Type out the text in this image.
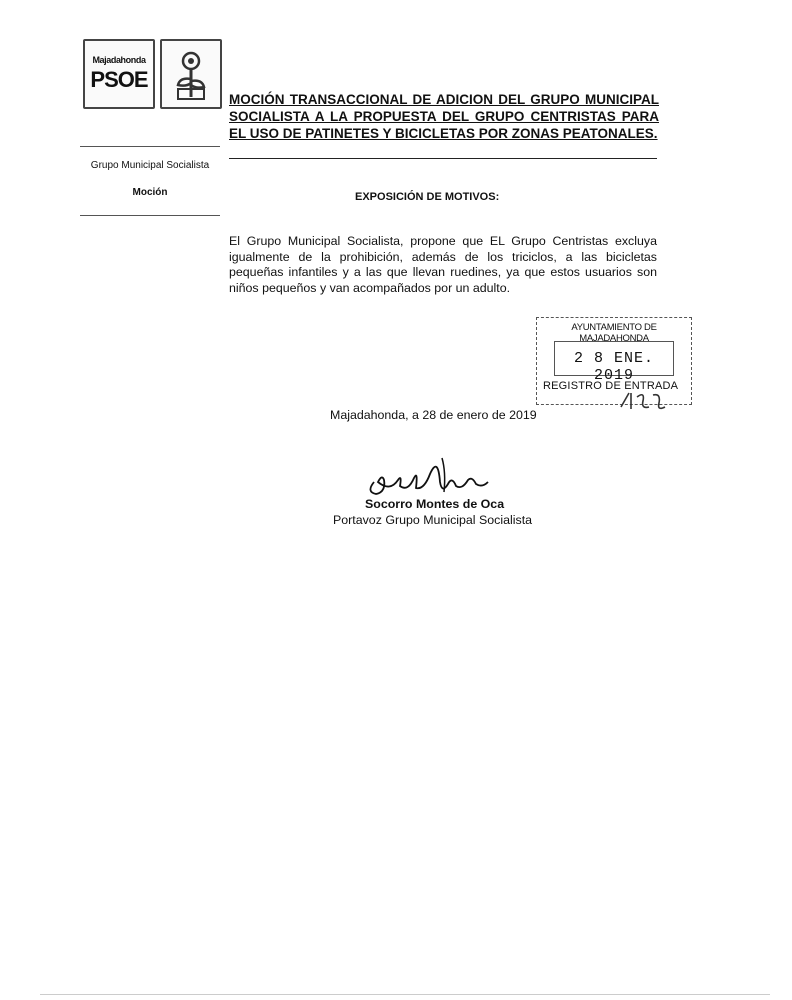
Majadahonda
PSOE
Grupo Municipal Socialista
Moción
MOCIÓN TRANSACCIONAL DE ADICION DEL GRUPO MUNICIPAL SOCIALISTA A LA PROPUESTA DEL GRUPO CENTRISTAS PARA EL USO DE PATINETES Y BICICLETAS POR ZONAS PEATONALES.
EXPOSICIÓN DE MOTIVOS:
El Grupo Municipal Socialista, propone que EL Grupo Centristas excluya igualmente de la prohibición, además de los triciclos, a las bicicletas pequeñas infantiles y a las que llevan ruedines, ya que estos usuarios son niños pequeños y van acompañados por un adulto.
AYUNTAMIENTO DE MAJADAHONDA
2 8 ENE. 2019
REGISTRO DE ENTRADA
Majadahonda, a 28 de enero de 2019
Socorro Montes de Oca
Portavoz Grupo Municipal Socialista
